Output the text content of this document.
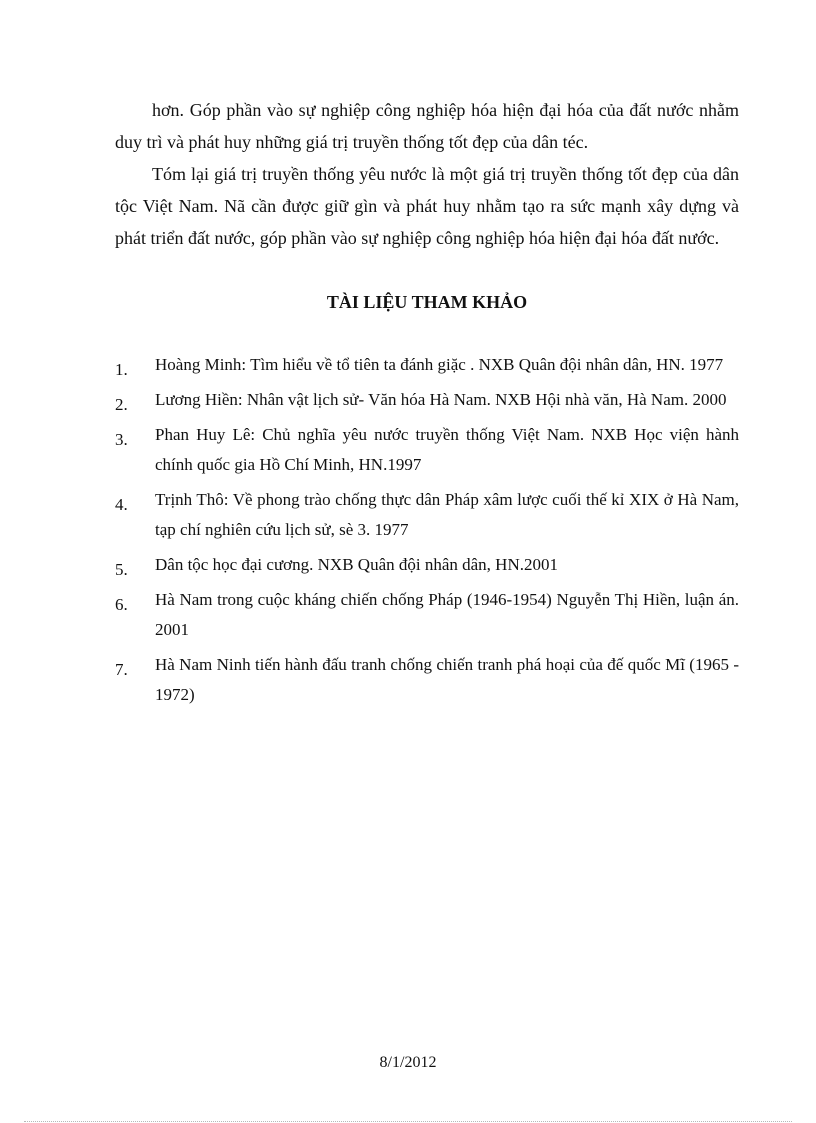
hơn. Góp phần vào sự nghiệp công nghiệp hóa hiện đại hóa của đất nước nhằm duy trì và phát huy những giá trị truyền thống tốt đẹp của dân téc.

Tóm lại giá trị truyền thống yêu nước là một giá trị truyền thống tốt đẹp của dân tộc Việt Nam. Nã cần được giữ gìn và phát huy nhằm tạo ra sức mạnh xây dựng và phát triển đất nước, góp phần vào sự nghiệp công nghiệp hóa hiện đại hóa đất nước.

TÀI LIỆU THAM KHẢO
1.	Hoàng Minh: Tìm hiểu về tổ tiên ta đánh giặc . NXB Quân đội nhân dân, HN. 1977
2.	Lương Hiền: Nhân vật lịch sử- Văn hóa Hà Nam. NXB Hội nhà văn, Hà Nam. 2000
3.	Phan Huy Lê: Chủ nghĩa yêu nước truyền thống Việt Nam. NXB Học viện hành chính quốc gia Hồ Chí Minh, HN.1997
4.	Trịnh Thô: Về phong trào chống thực dân Pháp xâm lược cuối thế kỉ XIX ở Hà Nam, tạp chí nghiên cứu lịch sử, sè 3. 1977
5.	Dân tộc học đại cương. NXB Quân đội nhân dân, HN.2001
6.	Hà Nam trong cuộc kháng chiến chống Pháp (1946-1954) Nguyễn Thị Hiền, luận án. 2001
7.	Hà Nam Ninh tiến hành đấu tranh chống chiến tranh phá hoại của đế quốc Mĩ (1965 - 1972)
8/1/2012
